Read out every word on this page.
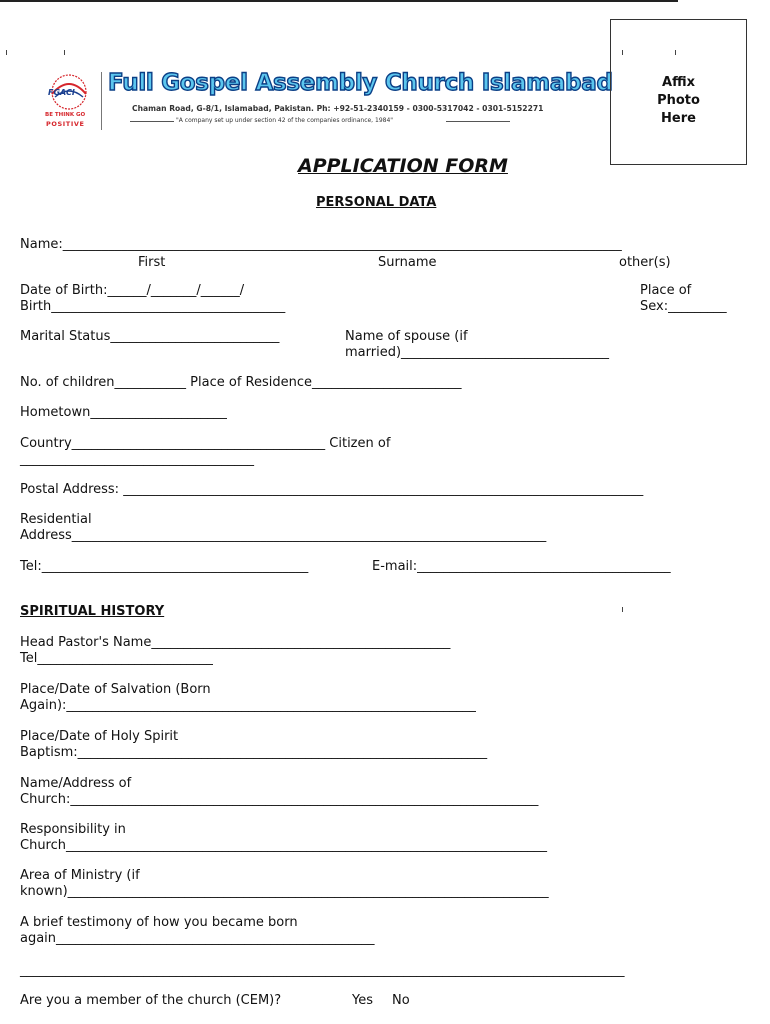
FGACI
BE THINK GO
POSITIVE
Full Gospel Assembly Church Islamabad
Chaman Road, G-8/1, Islamabad, Pakistan. Ph: +92-51-2340159 - 0300-5317042 - 0301-5152271
"A company set up under section 42 of the companies ordinance, 1984"
Affix
Photo
Here
APPLICATION FORM
PERSONAL DATA
Name:______________________________________________________________________________________
First	Surname	other(s)
Date of Birth:______/_______/______/
Birth____________________________________
Place of
Sex:_________
Marital Status__________________________	Name of spouse (if
married)________________________________
No. of children___________ Place of Residence_______________________
Hometown_____________________
Country_______________________________________ Citizen of
____________________________________
Postal Address: ________________________________________________________________________________
Residential
Address_________________________________________________________________________
Tel:_________________________________________	E-mail:_______________________________________
SPIRITUAL HISTORY
Head Pastor's Name______________________________________________
Tel___________________________
Place/Date of Salvation (Born
Again):_______________________________________________________________
Place/Date of Holy Spirit
Baptism:_______________________________________________________________
Name/Address of
Church:________________________________________________________________________
Responsibility in
Church__________________________________________________________________________
Area of Ministry (if
known)__________________________________________________________________________
A brief testimony of how you became born
again_________________________________________________
_____________________________________________________________________________________________
Are you a member of the church (CEM)?	Yes No
